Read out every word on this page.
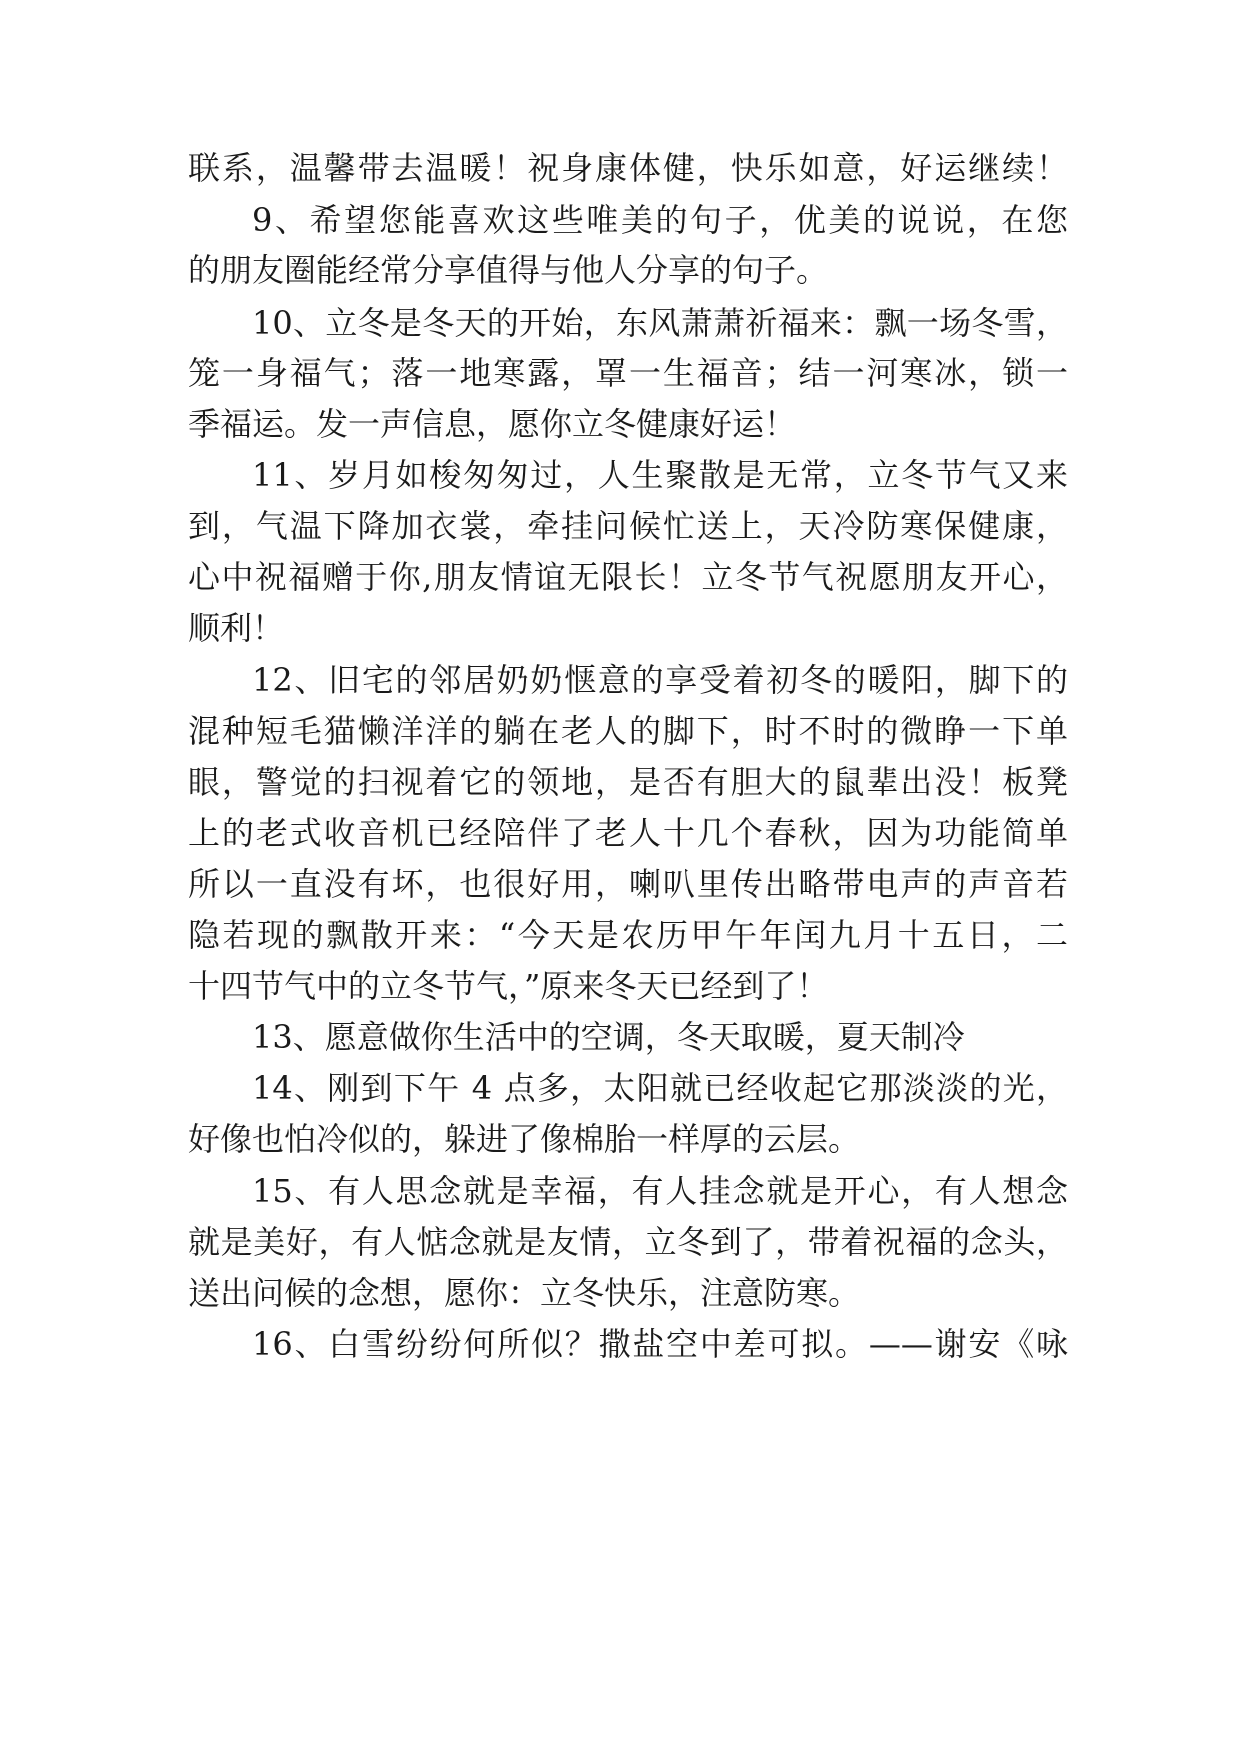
联系，温馨带去温暖！祝身康体健，快乐如意，好运继续！
9、希望您能喜欢这些唯美的句子，优美的说说，在您
的朋友圈能经常分享值得与他人分享的句子。
10、立冬是冬天的开始，东风萧萧祈福来：飘一场冬雪，
笼一身福气；落一地寒露，罩一生福音；结一河寒冰，锁一
季福运。发一声信息，愿你立冬健康好运！
11、岁月如梭匆匆过，人生聚散是无常，立冬节气又来
到，气温下降加衣裳，牵挂问候忙送上，天冷防寒保健康，
心中祝福赠于你,朋友情谊无限长！立冬节气祝愿朋友开心，
顺利！
12、旧宅的邻居奶奶惬意的享受着初冬的暖阳，脚下的
混种短毛猫懒洋洋的躺在老人的脚下，时不时的微睁一下单
眼，警觉的扫视着它的领地，是否有胆大的鼠辈出没！板凳
上的老式收音机已经陪伴了老人十几个春秋，因为功能简单
所以一直没有坏，也很好用，喇叭里传出略带电声的声音若
隐若现的飘散开来：“今天是农历甲午年闰九月十五日，二
十四节气中的立冬节气，”原来冬天已经到了！
13、愿意做你生活中的空调，冬天取暖，夏天制冷
14、刚到下午 4 点多，太阳就已经收起它那淡淡的光，
好像也怕冷似的，躲进了像棉胎一样厚的云层。
15、有人思念就是幸福，有人挂念就是开心，有人想念
就是美好，有人惦念就是友情，立冬到了，带着祝福的念头，
送出问候的念想，愿你：立冬快乐，注意防寒。
16、白雪纷纷何所似？撒盐空中差可拟。——谢安《咏
